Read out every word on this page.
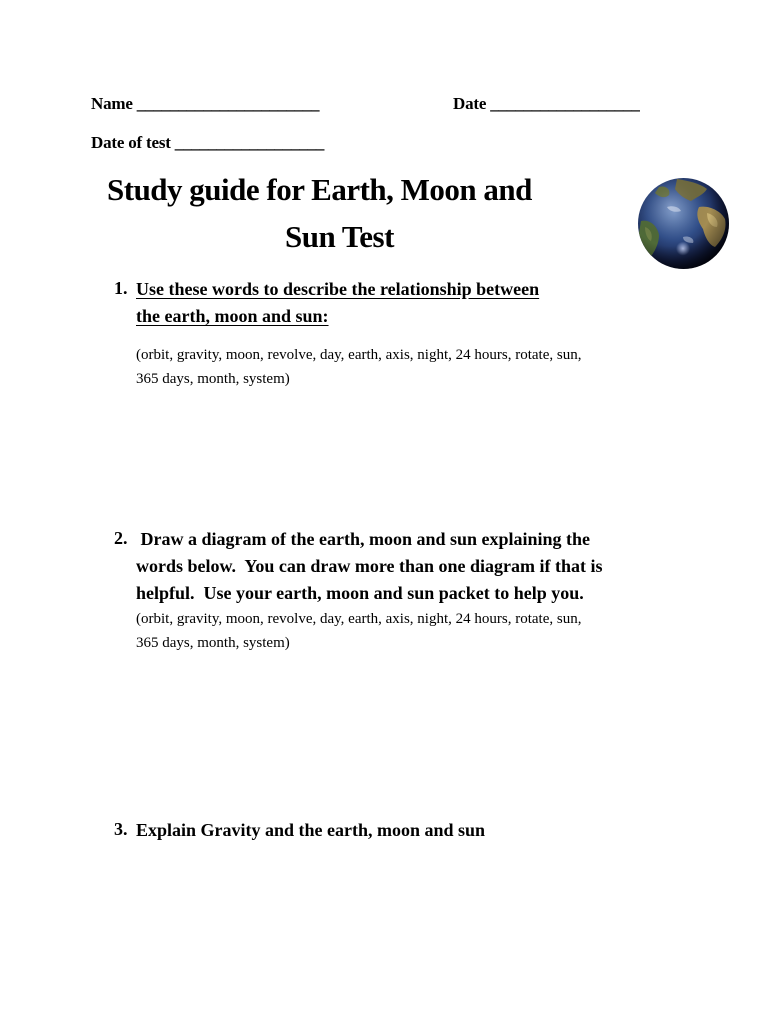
Name ______________________	Date __________________
Date of test __________________
Study guide for Earth, Moon and
Sun Test
1. Use these words to describe the relationship between
the earth, moon and sun:
(orbit, gravity, moon, revolve, day, earth, axis, night, 24 hours, rotate, sun,
365 days, month, system)
2. Draw a diagram of the earth, moon and sun explaining the
words below.  You can draw more than one diagram if that is
helpful.  Use your earth, moon and sun packet to help you.
(orbit, gravity, moon, revolve, day, earth, axis, night, 24 hours, rotate, sun,
365 days, month, system)
3. Explain Gravity and the earth, moon and sun
